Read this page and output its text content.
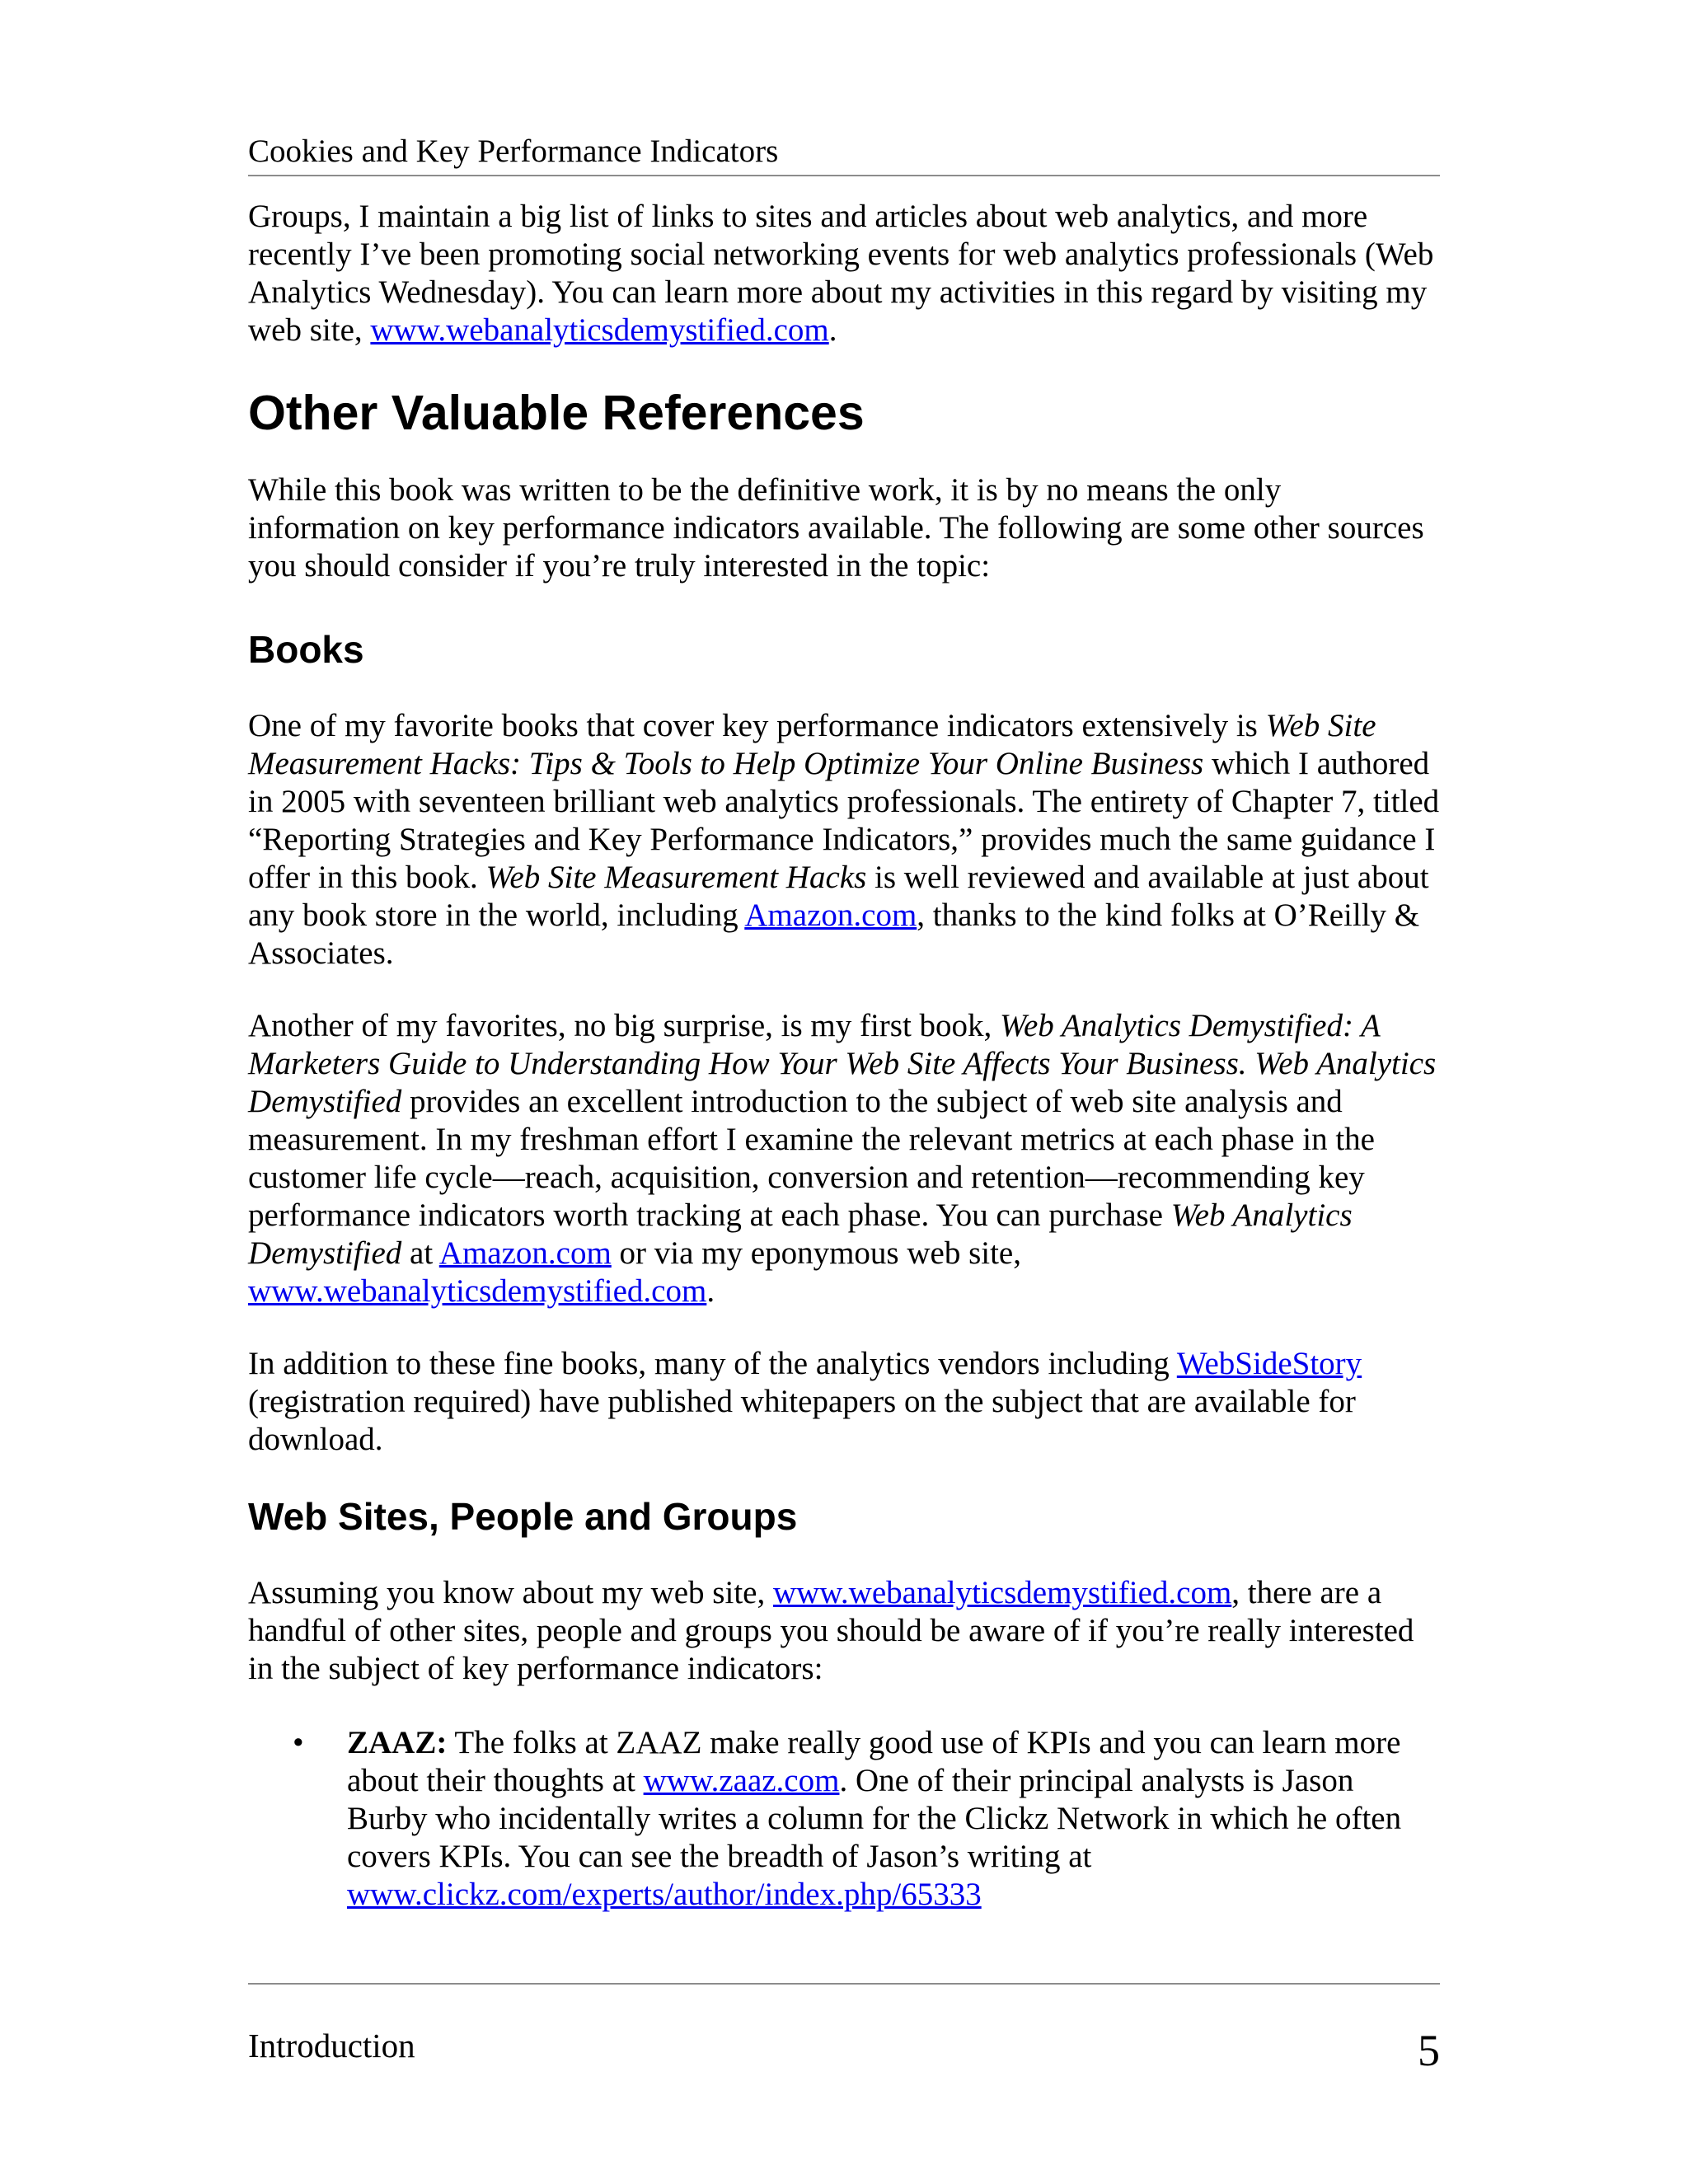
Cookies and Key Performance Indicators

Groups, I maintain a big list of links to sites and articles about web analytics, and more recently I’ve been promoting social networking events for web analytics professionals (Web Analytics Wednesday). You can learn more about my activities in this regard by visiting my web site, www.webanalyticsdemystified.com.

Other Valuable References

While this book was written to be the definitive work, it is by no means the only information on key performance indicators available. The following are some other sources you should consider if you’re truly interested in the topic:

Books

One of my favorite books that cover key performance indicators extensively is Web Site Measurement Hacks: Tips & Tools to Help Optimize Your Online Business which I authored in 2005 with seventeen brilliant web analytics professionals. The entirety of Chapter 7, titled “Reporting Strategies and Key Performance Indicators,” provides much the same guidance I offer in this book. Web Site Measurement Hacks is well reviewed and available at just about any book store in the world, including Amazon.com, thanks to the kind folks at O’Reilly & Associates.

Another of my favorites, no big surprise, is my first book, Web Analytics Demystified: A Marketers Guide to Understanding How Your Web Site Affects Your Business. Web Analytics Demystified provides an excellent introduction to the subject of web site analysis and measurement. In my freshman effort I examine the relevant metrics at each phase in the customer life cycle—reach, acquisition, conversion and retention—recommending key performance indicators worth tracking at each phase. You can purchase Web Analytics Demystified at Amazon.com or via my eponymous web site, www.webanalyticsdemystified.com.

In addition to these fine books, many of the analytics vendors including WebSideStory (registration required) have published whitepapers on the subject that are available for download.

Web Sites, People and Groups

Assuming you know about my web site, www.webanalyticsdemystified.com, there are a handful of other sites, people and groups you should be aware of if you’re really interested in the subject of key performance indicators:

• ZAAZ: The folks at ZAAZ make really good use of KPIs and you can learn more about their thoughts at www.zaaz.com. One of their principal analysts is Jason Burby who incidentally writes a column for the Clickz Network in which he often covers KPIs. You can see the breadth of Jason’s writing at www.clickz.com/experts/author/index.php/65333
Introduction	5
